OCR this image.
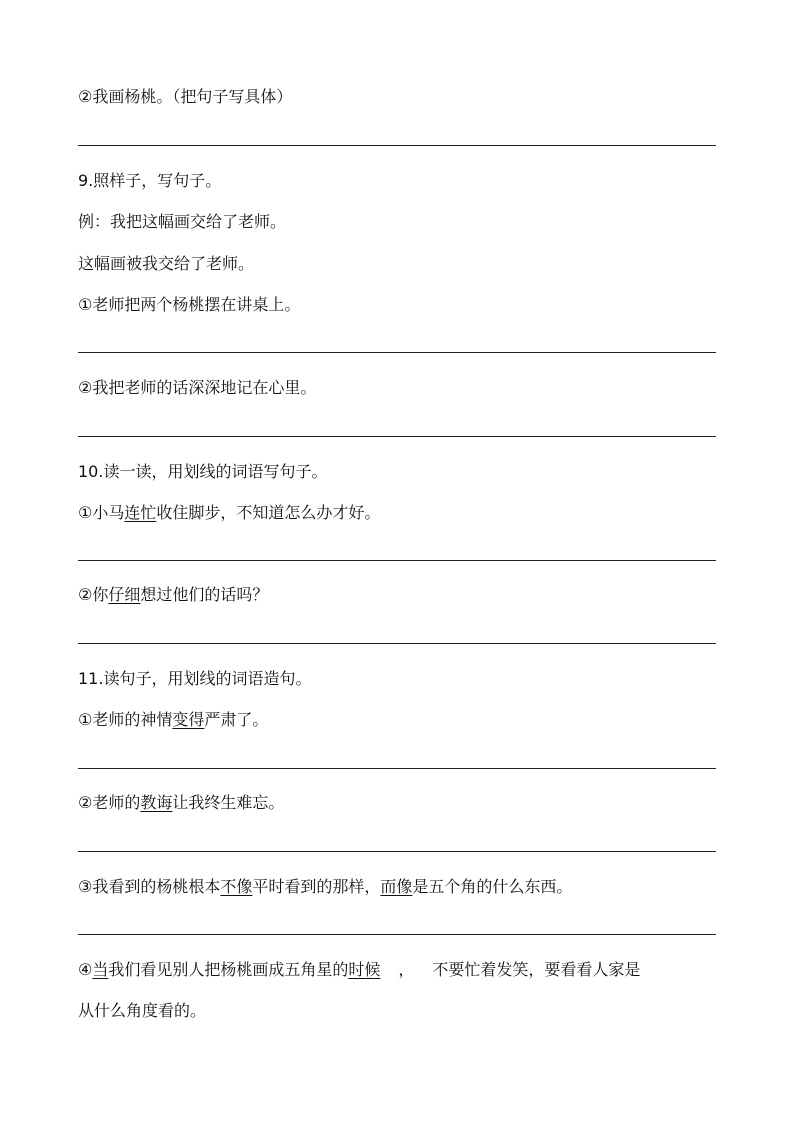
②我画杨桃。（把句子写具体）
9.照样子，写句子。
例：我把这幅画交给了老师。
这幅画被我交给了老师。
①老师把两个杨桃摆在讲桌上。
②我把老师的话深深地记在心里。
10.读一读，用划线的词语写句子。
①小马连忙收住脚步，不知道怎么办才好。
②你仔细想过他们的话吗？
11.读句子，用划线的词语造句。
①老师的神情变得严肃了。
②老师的教诲让我终生难忘。
③我看到的杨桃根本不像平时看到的那样，而像是五个角的什么东西。
④当我们看见别人把杨桃画成五角星的时候 ， 不要忙着发笑，要看看人家是
从什么角度看的。
